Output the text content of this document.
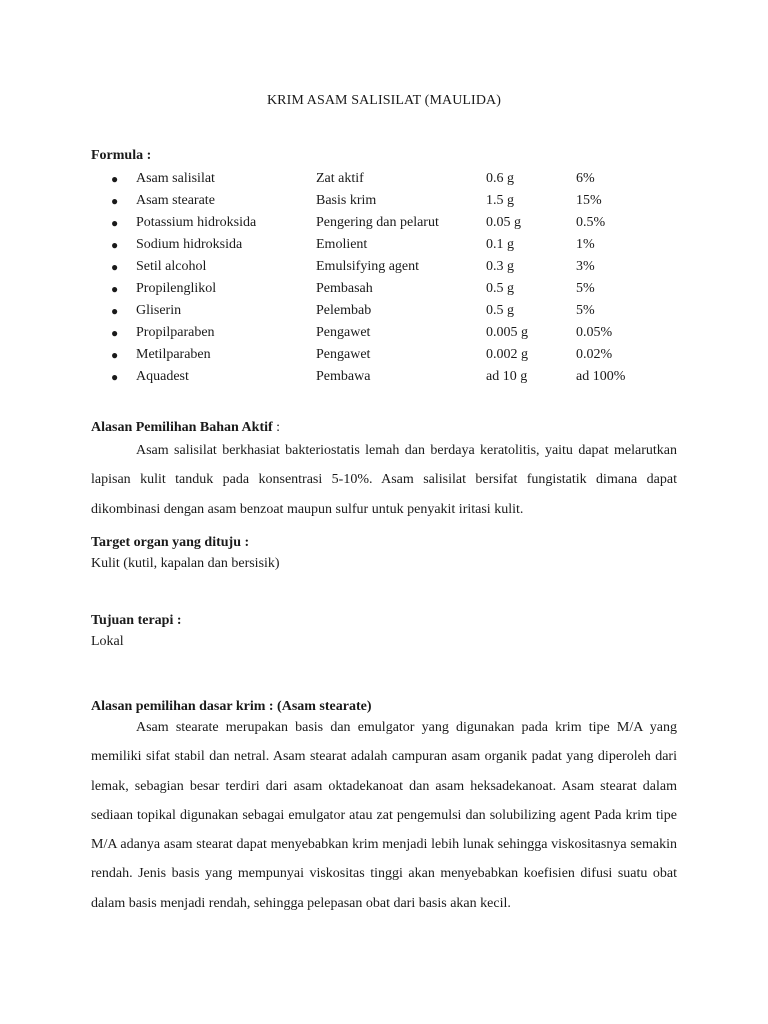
KRIM ASAM SALISILAT (MAULIDA)
Formula :
● Asam salisilat	Zat aktif	0.6 g	6%
● Asam stearate	Basis krim	1.5 g	15%
● Potassium hidroksida	Pengering dan pelarut	0.05 g	0.5%
● Sodium hidroksida	Emolient	0.1 g	1%
● Setil alcohol	Emulsifying agent	0.3 g	3%
● Propilenglikol	Pembasah	0.5 g	5%
● Gliserin	Pelembab	0.5 g	5%
● Propilparaben	Pengawet	0.005 g	0.05%
● Metilparaben	Pengawet	0.002 g	0.02%
● Aquadest	Pembawa	ad 10 g	ad 100%
Alasan Pemilihan Bahan Aktif :
Asam salisilat berkhasiat bakteriostatis lemah dan berdaya keratolitis, yaitu dapat melarutkan lapisan kulit tanduk pada konsentrasi 5-10%. Asam salisilat bersifat fungistatik dimana dapat dikombinasi dengan asam benzoat maupun sulfur untuk penyakit iritasi kulit.
Target organ yang dituju :
Kulit (kutil, kapalan dan bersisik)
Tujuan terapi :
Lokal
Alasan pemilihan dasar krim : (Asam stearate)
Asam stearate merupakan basis dan emulgator yang digunakan pada krim tipe M/A yang memiliki sifat stabil dan netral. Asam stearat adalah campuran asam organik padat yang diperoleh dari lemak, sebagian besar terdiri dari asam oktadekanoat dan asam heksadekanoat. Asam stearat dalam sediaan topikal digunakan sebagai emulgator atau zat pengemulsi dan solubilizing agent Pada krim tipe M/A adanya asam stearat dapat menyebabkan krim menjadi lebih lunak sehingga viskositasnya semakin rendah. Jenis basis yang mempunyai viskositas tinggi akan menyebabkan koefisien difusi suatu obat dalam basis menjadi rendah, sehingga pelepasan obat dari basis akan kecil.
